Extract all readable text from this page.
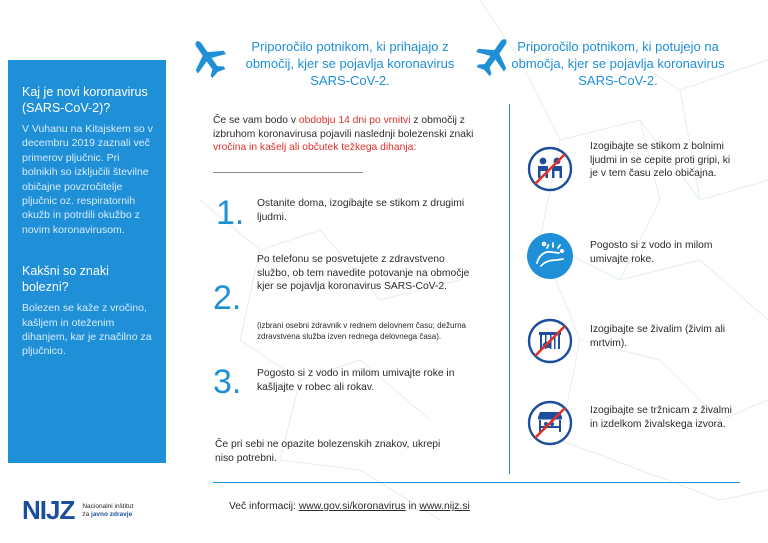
Kaj je novi koronavirus (SARS-CoV-2)?
V Vuhanu na Kitajskem so v decembru 2019 zaznali več primerov pljučnic. Pri bolnikih so izključili številne običajne povzročitelje pljučnic oz. respiratornih okužb in potrdili okužbo z novim koronavirusom.
Kakšni so znaki bolezni?
Bolezen se kaže z vročino, kašljem in oteženim dihanjem, kar je značilno za pljučnico.
NIJZ Nacionalni inštitut
za javno zdravje
Priporočilo potnikom, ki prihajajo z območij, kjer se pojavlja koronavirus SARS-CoV-2.
Priporočilo potnikom, ki potujejo na območja, kjer se pojavlja koronavirus SARS-CoV-2.
Če se vam bodo v obdobju 14 dni po vrnitvi z območij z izbruhom koronavirusa pojavili naslednji bolezenski znaki vročina in kašelj ali občutek težkega dihanja:
1. Ostanite doma, izogibajte se stikom z drugimi ljudmi.
2.
Po telefonu se posvetujete z zdravstveno službo, ob tem navedite potovanje na območje kjer se pojavlja koronavirus SARS-CoV-2.
(izbrani osebni zdravnik v rednem delovnem času; dežurna zdravstvena služba izven rednega delovnega časa).
3. Pogosto si z vodo in milom umivajte roke in kašljajte v robec ali rokav.
Če pri sebi ne opazite bolezenskih znakov, ukrepi niso potrebni.
Izogibajte se stikom z bolnimi ljudmi in se cepite proti gripi, ki je v tem času zelo običajna.
Pogosto si z vodo in milom umivajte roke.
Izogibajte se živalim (živim ali mrtvim).
Izogibajte se tržnicam z živalmi in izdelkom živalskega izvora.
Več informacij: www.gov.si/koronavirus in www.nijz.si
